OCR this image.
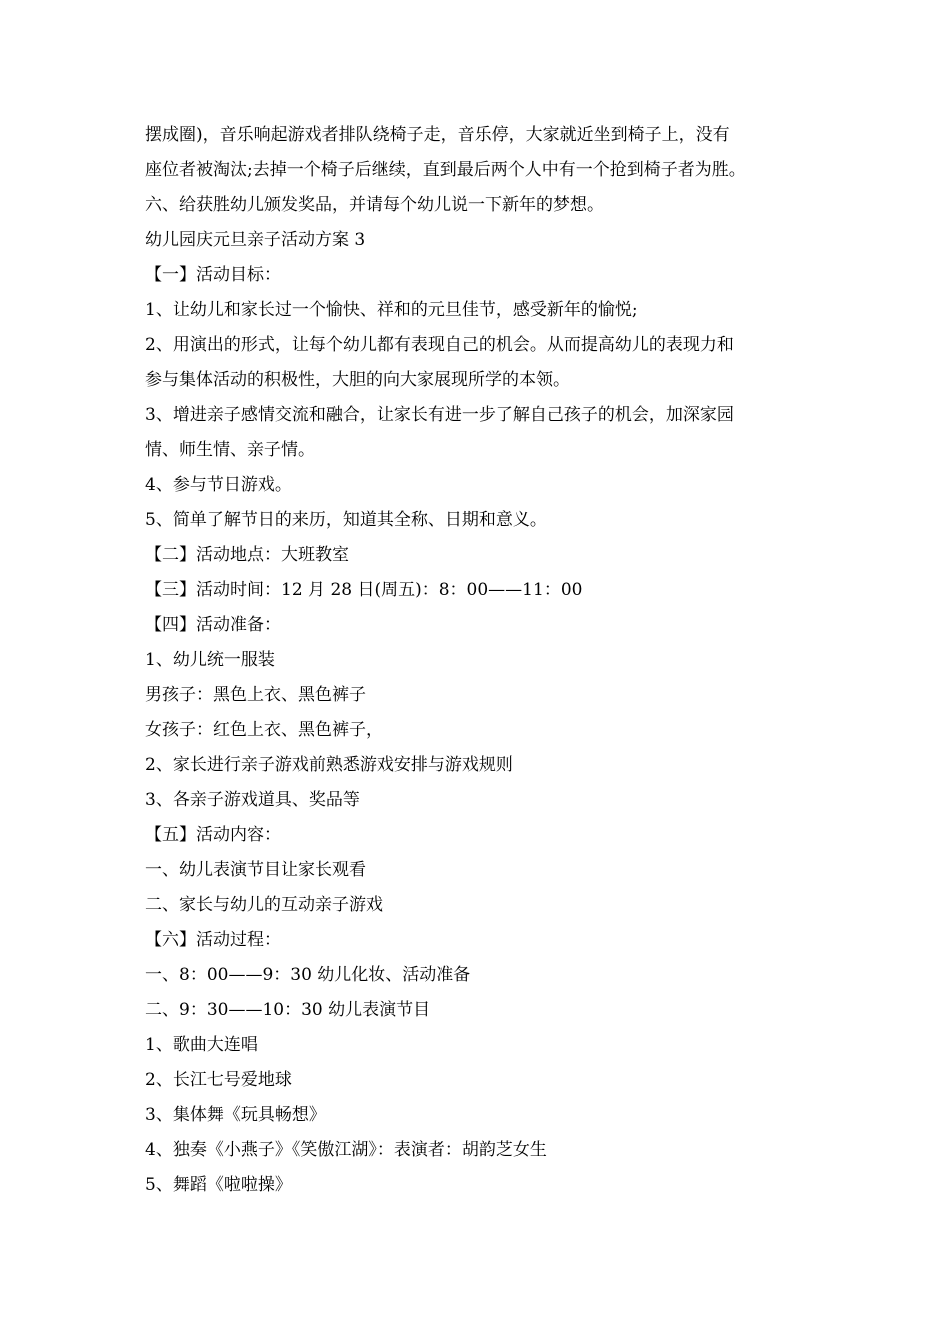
摆成圈)，音乐响起游戏者排队绕椅子走，音乐停，大家就近坐到椅子上，没有
座位者被淘汰;去掉一个椅子后继续，直到最后两个人中有一个抢到椅子者为胜。
六、给获胜幼儿颁发奖品，并请每个幼儿说一下新年的梦想。
幼儿园庆元旦亲子活动方案 3
【一】活动目标：
1、让幼儿和家长过一个愉快、祥和的元旦佳节，感受新年的愉悦;
2、用演出的形式，让每个幼儿都有表现自己的机会。从而提高幼儿的表现力和
参与集体活动的积极性，大胆的向大家展现所学的本领。
3、增进亲子感情交流和融合，让家长有进一步了解自己孩子的机会，加深家园
情、师生情、亲子情。
4、参与节日游戏。
5、简单了解节日的来历，知道其全称、日期和意义。
【二】活动地点：大班教室
【三】活动时间：12 月 28 日(周五)：8：00——11：00
【四】活动准备：
1、幼儿统一服装
男孩子：黑色上衣、黑色裤子
女孩子：红色上衣、黑色裤子，
2、家长进行亲子游戏前熟悉游戏安排与游戏规则
3、各亲子游戏道具、奖品等
【五】活动内容：
一、幼儿表演节目让家长观看
二、家长与幼儿的互动亲子游戏
【六】活动过程：
一、8：00——9：30 幼儿化妆、活动准备
二、9：30——10：30 幼儿表演节目
1、歌曲大连唱
2、长江七号爱地球
3、集体舞《玩具畅想》
4、独奏《小燕子》《笑傲江湖》：表演者：胡韵芝女生
5、舞蹈《啦啦操》
